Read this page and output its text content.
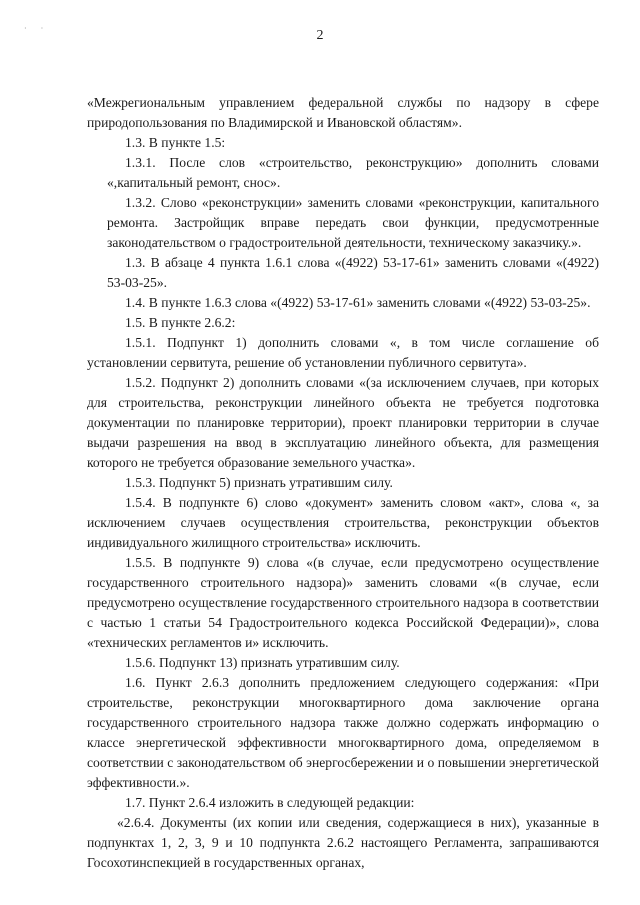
· ·	2

«Межрегиональным управлением федеральной службы по надзору в сфере природопользования по Владимирской и Ивановской областям».

1.3. В пункте 1.5:

1.3.1. После слов «строительство, реконструкцию» дополнить словами «,капитальный ремонт, снос».

1.3.2. Слово «реконструкции» заменить словами «реконструкции, капитального ремонта. Застройщик вправе передать свои функции, предусмотренные законодательством о градостроительной деятельности, техническому заказчику.».

1.3. В абзаце 4 пункта 1.6.1 слова «(4922) 53-17-61» заменить словами «(4922) 53-03-25».

1.4. В пункте 1.6.3 слова «(4922) 53-17-61» заменить словами «(4922) 53-03-25».

1.5. В пункте 2.6.2:

1.5.1. Подпункт 1) дополнить словами «, в том числе соглашение об установлении сервитута, решение об установлении публичного сервитута».

1.5.2. Подпункт 2) дополнить словами «(за исключением случаев, при которых для строительства, реконструкции линейного объекта не требуется подготовка документации по планировке территории), проект планировки территории в случае выдачи разрешения на ввод в эксплуатацию линейного объекта, для размещения которого не требуется образование земельного участка».

1.5.3. Подпункт 5) признать утратившим силу.

1.5.4. В подпункте 6) слово «документ» заменить словом «акт», слова «, за исключением случаев осуществления строительства, реконструкции объектов индивидуального жилищного строительства» исключить.

1.5.5. В подпункте 9) слова «(в случае, если предусмотрено осуществление государственного строительного надзора)» заменить словами «(в случае, если предусмотрено осуществление государственного строительного надзора в соответствии с частью 1 статьи 54 Градостроительного кодекса Российской Федерации)», слова «технических регламентов и» исключить.

1.5.6. Подпункт 13) признать утратившим силу.

1.6. Пункт 2.6.3 дополнить предложением следующего содержания: «При строительстве, реконструкции многоквартирного дома заключение органа государственного строительного надзора также должно содержать информацию о классе энергетической эффективности многоквартирного дома, определяемом в соответствии с законодательством об энергосбережении и о повышении энергетической эффективности.».

1.7. Пункт 2.6.4 изложить в следующей редакции:

«2.6.4. Документы (их копии или сведения, содержащиеся в них), указанные в подпунктах 1, 2, 3, 9 и 10 подпункта 2.6.2 настоящего Регламента, запрашиваются Госохотинспекцией в государственных органах,
